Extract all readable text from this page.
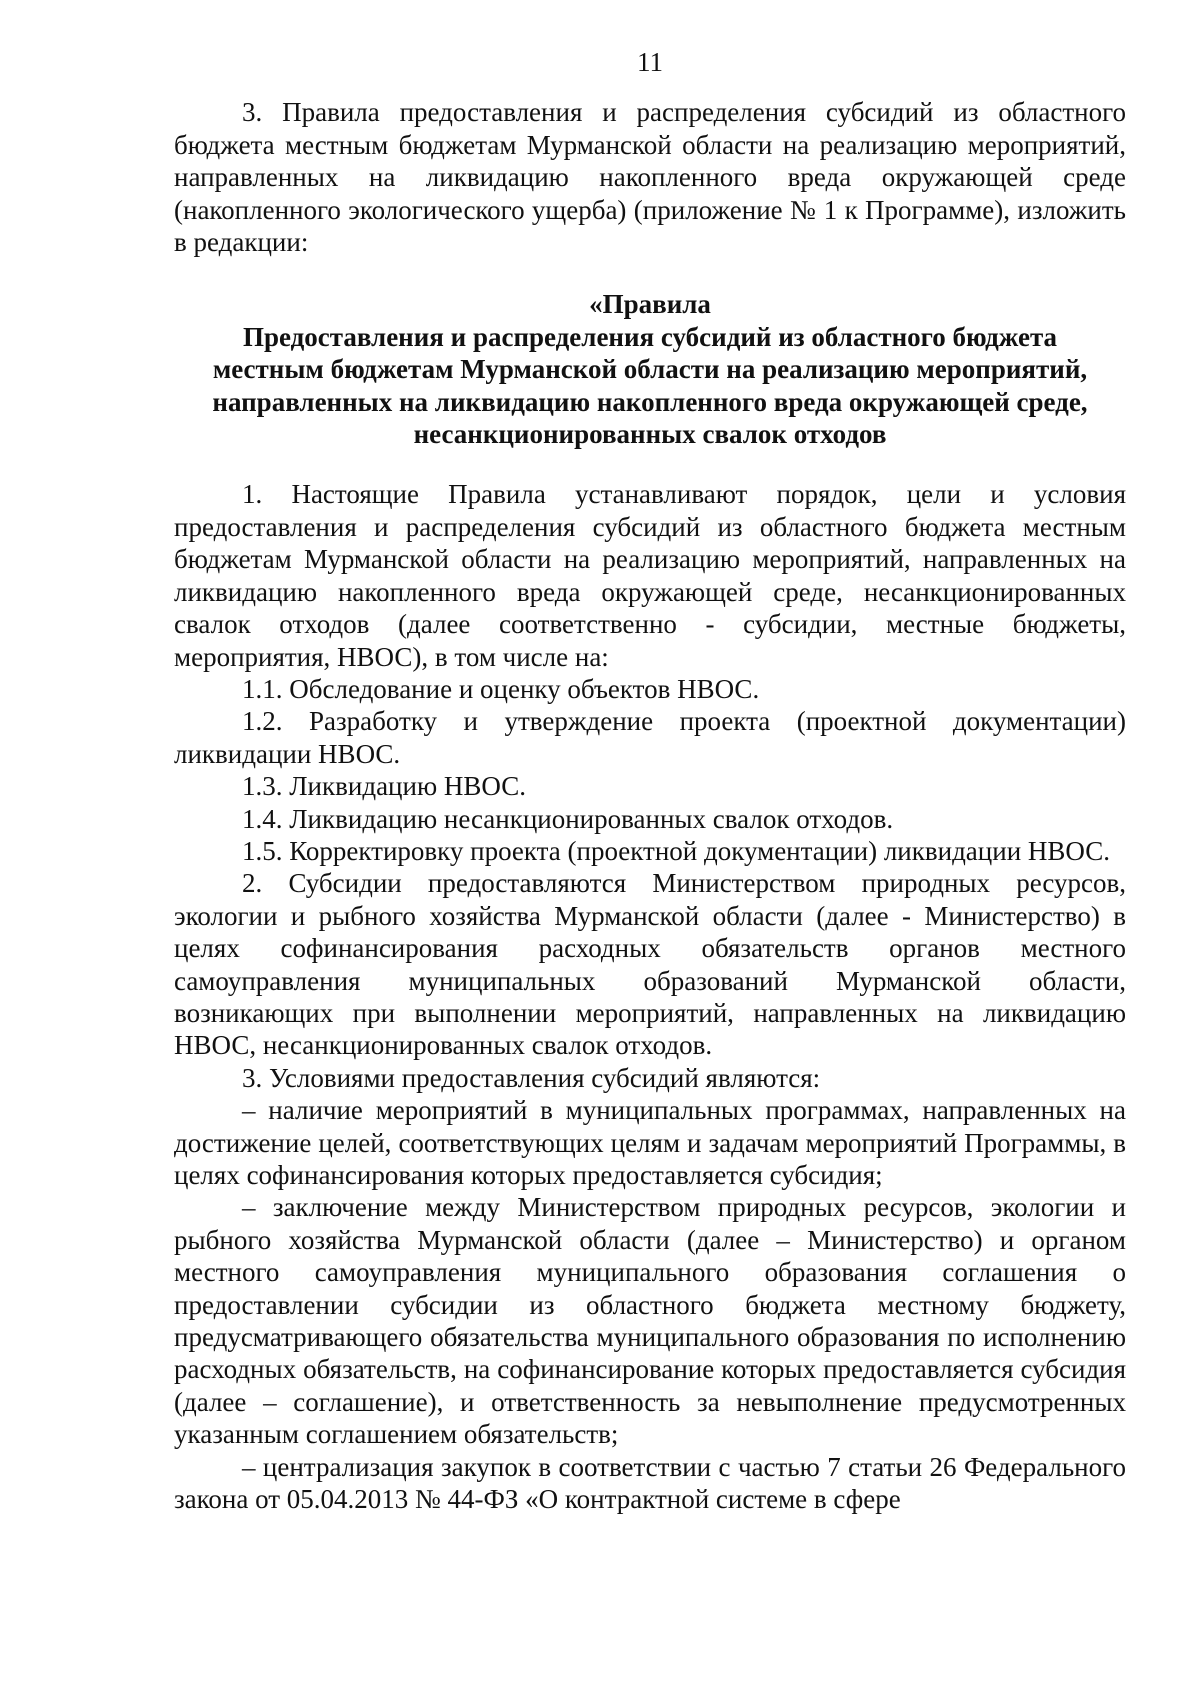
11

3. Правила предоставления и распределения субсидий из областного бюджета местным бюджетам Мурманской области на реализацию мероприятий, направленных на ликвидацию накопленного вреда окружающей среде (накопленного экологического ущерба) (приложение № 1 к Программе), изложить в редакции:

«Правила
Предоставления и распределения субсидий из областного бюджета
местным бюджетам Мурманской области на реализацию мероприятий,
направленных на ликвидацию накопленного вреда окружающей среде,
несанкционированных свалок отходов

1. Настоящие Правила устанавливают порядок, цели и условия предоставления и распределения субсидий из областного бюджета местным бюджетам Мурманской области на реализацию мероприятий, направленных на ликвидацию накопленного вреда окружающей среде, несанкционированных свалок отходов (далее соответственно - субсидии, местные бюджеты, мероприятия, НВОС), в том числе на:

1.1. Обследование и оценку объектов НВОС.

1.2. Разработку и утверждение проекта (проектной документации) ликвидации НВОС.

1.3. Ликвидацию НВОС.

1.4. Ликвидацию несанкционированных свалок отходов.

1.5. Корректировку проекта (проектной документации) ликвидации НВОС.

2. Субсидии предоставляются Министерством природных ресурсов, экологии и рыбного хозяйства Мурманской области (далее - Министерство) в целях софинансирования расходных обязательств органов местного самоуправления муниципальных образований Мурманской области, возникающих при выполнении мероприятий, направленных на ликвидацию НВОС, несанкционированных свалок отходов.

3. Условиями предоставления субсидий являются:

– наличие мероприятий в муниципальных программах, направленных на достижение целей, соответствующих целям и задачам мероприятий Программы, в целях софинансирования которых предоставляется субсидия;

– заключение между Министерством природных ресурсов, экологии и рыбного хозяйства Мурманской области (далее – Министерство) и органом местного самоуправления муниципального образования соглашения о предоставлении субсидии из областного бюджета местному бюджету, предусматривающего обязательства муниципального образования по исполнению расходных обязательств, на софинансирование которых предоставляется субсидия (далее – соглашение), и ответственность за невыполнение предусмотренных указанным соглашением обязательств;

– централизация закупок в соответствии с частью 7 статьи 26 Федерального закона от 05.04.2013 № 44-ФЗ «О контрактной системе в сфере
